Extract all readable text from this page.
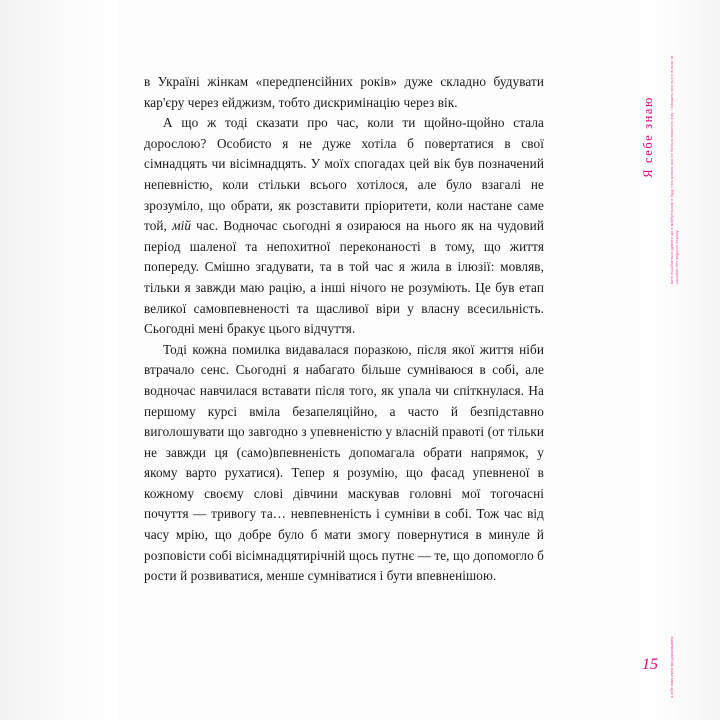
в Україні жінкам «передпенсійних років» дуже складно будувати кар'єру через ейджизм, тобто дискримінацію через вік.

А що ж тоді сказати про час, коли ти щойно-щойно стала дорослою? Особисто я не дуже хотіла б повертатися в свої сімнадцять чи вісімнадцять. У моїх спогадах цей вік був позначений непевністю, коли стільки всього хотілося, але було взагалі не зрозуміло, що обрати, як розставити пріоритети, коли настане саме той, мій час. Водночас сьогодні я озираюся на нього як на чудовий період шаленої та непохитної переконаності в тому, що життя попереду. Смішно згадувати, та в той час я жила в ілюзії: мовляв, тільки я завжди маю рацію, а інші нічого не розуміють. Це був етап великої самовпевненості та щасливої віри у власну всесильність. Сьогодні мені бракує цього відчуття.

Тоді кожна помилка видавалася поразкою, після якої життя ніби втрачало сенс. Сьогодні я набагато більше сумніваюся в собі, але водночас навчилася вставати після того, як упала чи спіткнулася. На першому курсі вміла безапеляційно, а часто й безпідставно виголошувати що завгодно з упевненістю у власній правоті (от тільки не завжди ця (само)впевненість допомагала обрати напрямок, у якому варто рухатися). Тепер я розумію, що фасад упевненої в кожному своєму слові дівчини маскував головні мої тогочасні почуття — тривогу та… невпевненість і сумніви в собі. Тож час від часу мрію, що добре було б мати змогу повернутися в минуле й розповісти собі вісімнадцятирічній щось путнє — те, що допомогло б рости й розвиватися, менше сумніватися і бути впевненішою.

Я себе знаю	мені подобається думати що в майбутньому я буду тією жінкою яка не боїться власного віку і говорить про нього вільно та спокійно без жодного сорому
я себе знаю книга про дорослішання
15
